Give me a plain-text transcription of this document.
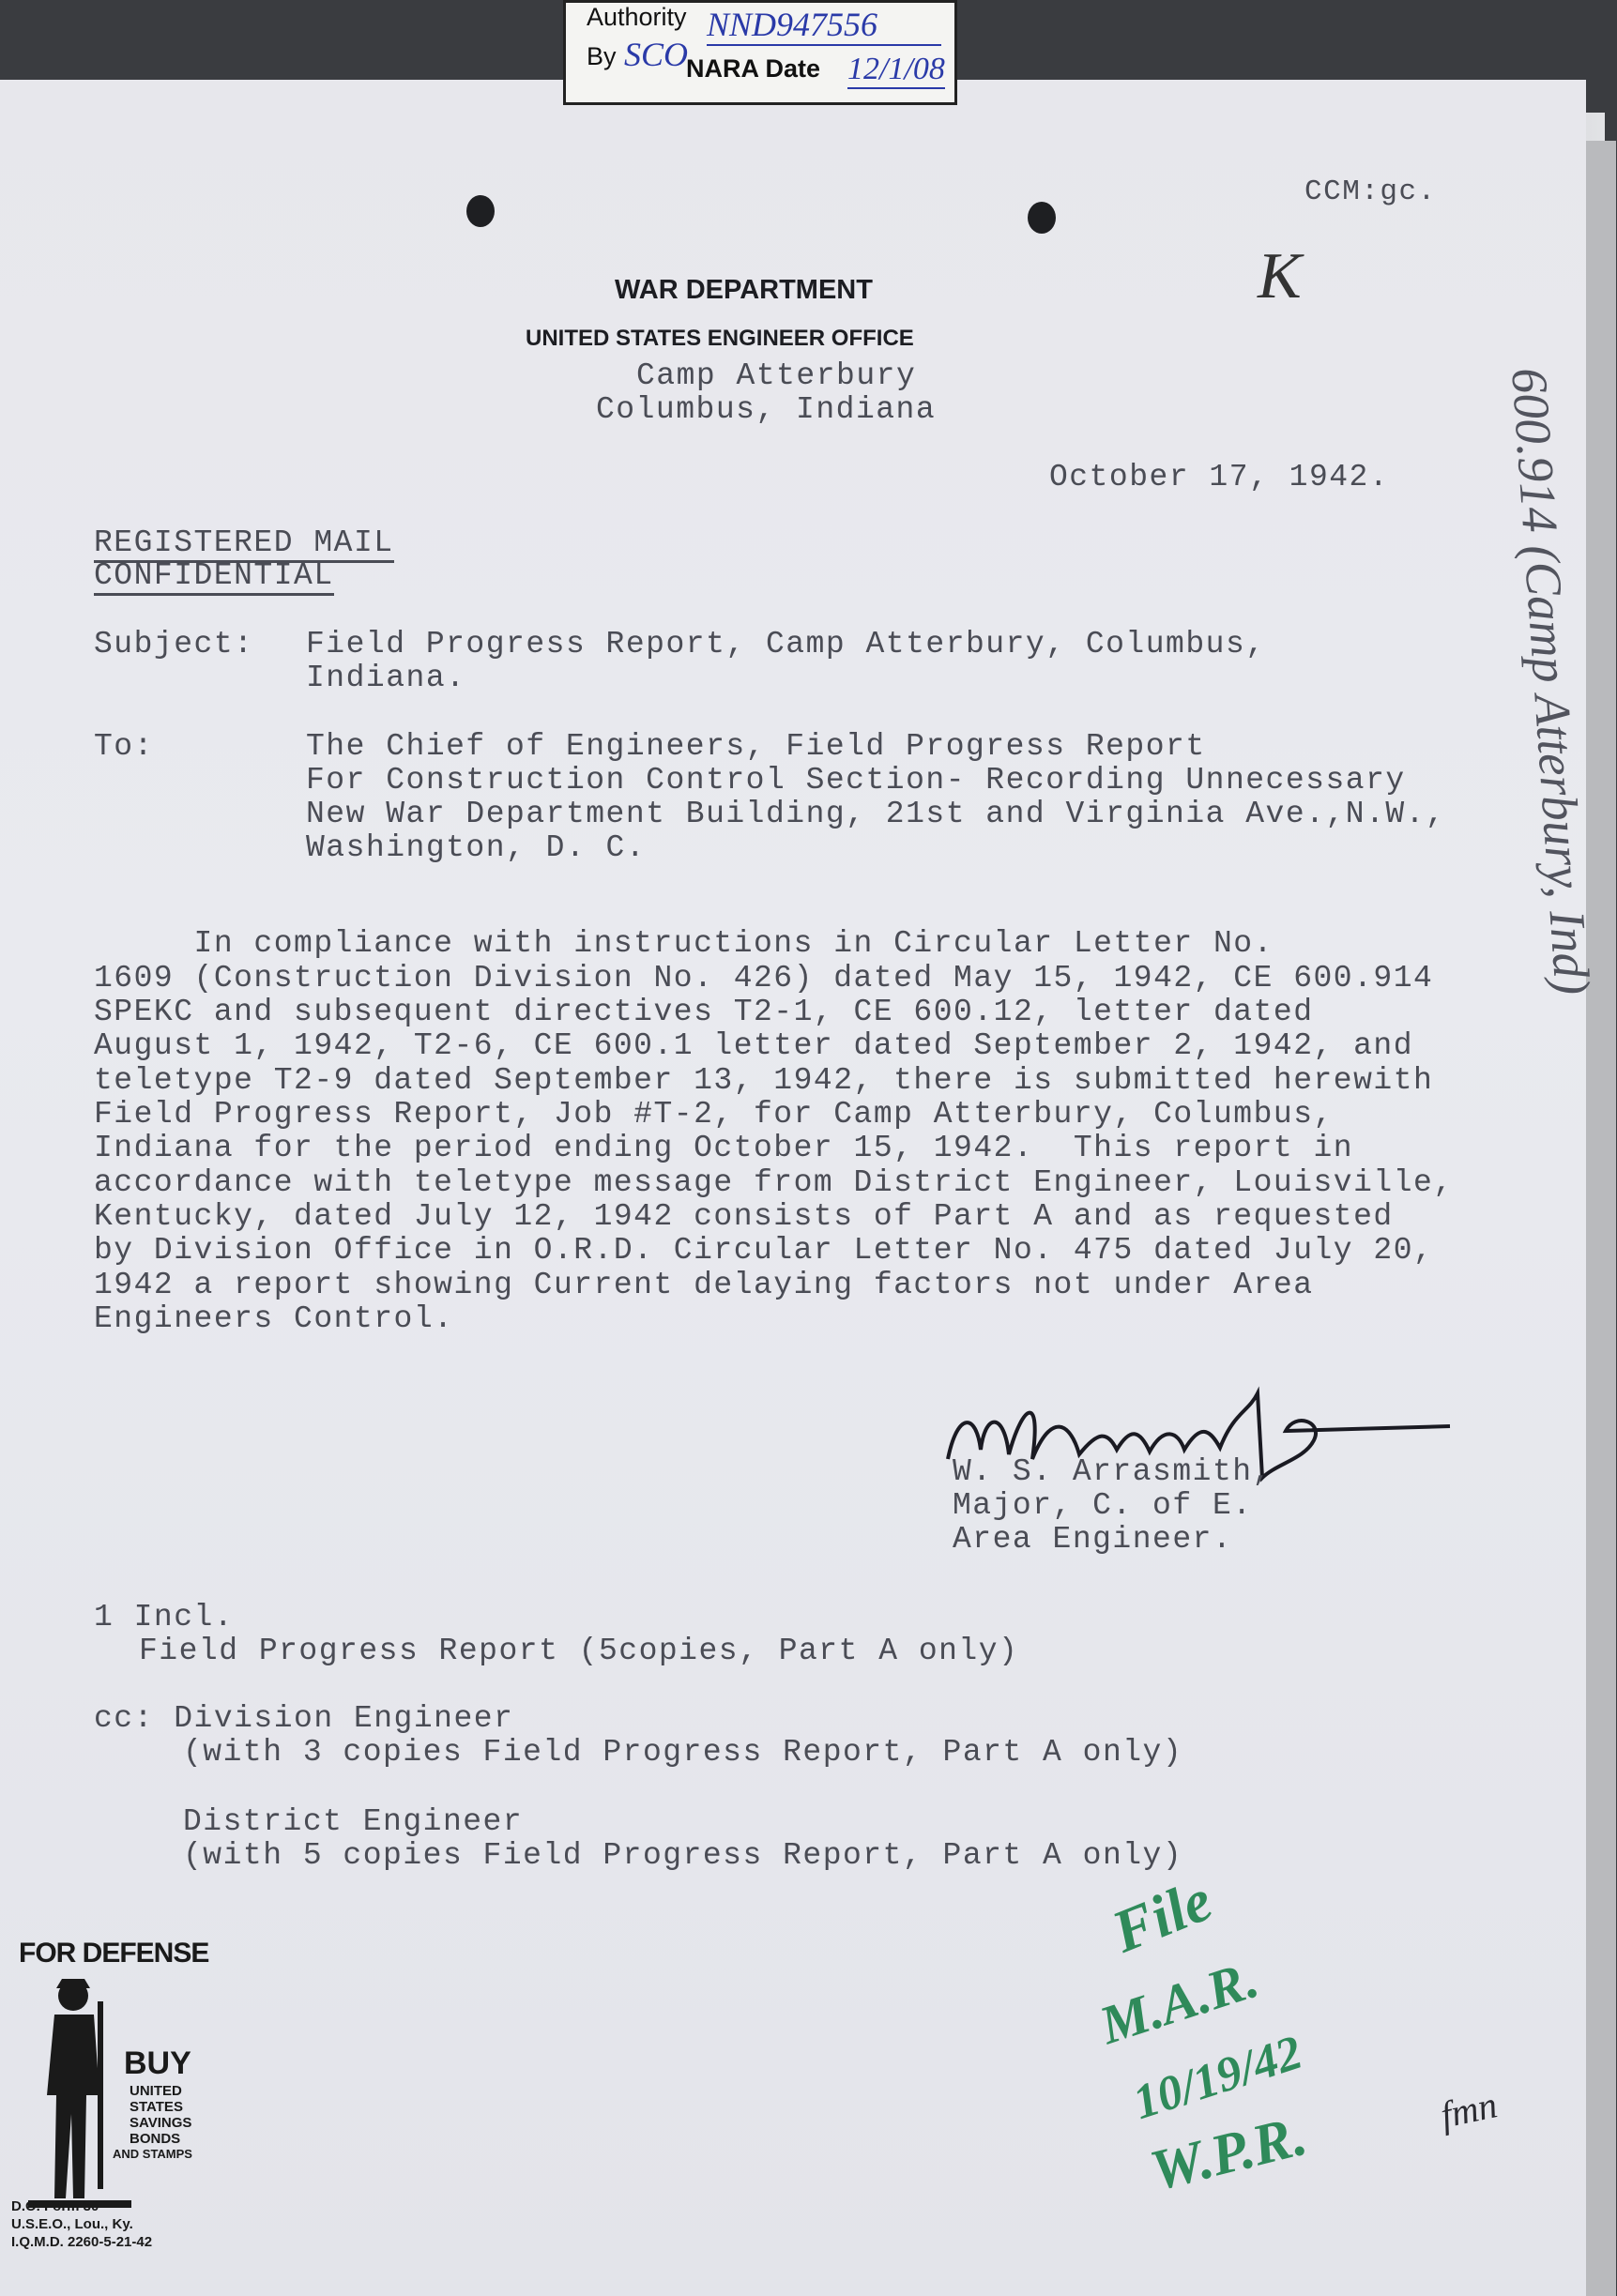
CCM:gc.
K
WAR DEPARTMENT
UNITED STATES ENGINEER OFFICE
Camp Atterbury
Columbus, Indiana
October 17, 1942.
REGISTERED MAIL
CONFIDENTIAL
Subject: Field Progress Report, Camp Atterbury, Columbus,
Indiana.
To:	The Chief of Engineers, Field Progress Report
For Construction Control Section- Recording Unnecessary
New War Department Building, 21st and Virginia Ave.,N.W.,
Washington, D. C.
In compliance with instructions in Circular Letter No.
1609 (Construction Division No. 426) dated May 15, 1942, CE 600.914
SPEKC and subsequent directives T2-1, CE 600.12, letter dated
August 1, 1942, T2-6, CE 600.1 letter dated September 2, 1942, and
teletype T2-9 dated September 13, 1942, there is submitted herewith
Field Progress Report, Job #T-2, for Camp Atterbury, Columbus,
Indiana for the period ending October 15, 1942.  This report in
accordance with teletype message from District Engineer, Louisville,
Kentucky, dated July 12, 1942 consists of Part A and as requested
by Division Office in O.R.D. Circular Letter No. 475 dated July 20,
1942 a report showing Current delaying factors not under Area
Engineers Control.
W. S. Arrasmith,
Major, C. of E.
Area Engineer.
1 Incl.
Field Progress Report (5copies, Part A only)
cc: Division Engineer
(with 3 copies Field Progress Report, Part A only)
District Engineer
(with 5 copies Field Progress Report, Part A only)
File
M.A.R.
10/19/42
W.P.R.	fmn
600.914 (Camp Atterbury, Ind)
Authority NND947556
By SCO
NARA Date 12/1/08
FOR DEFENSE
BUY
UNITED
STATES
SAVINGS
BONDS
AND STAMPS
D.O. Form 30
U.S.E.O., Lou., Ky.
I.Q.M.D. 2260-5-21-42
